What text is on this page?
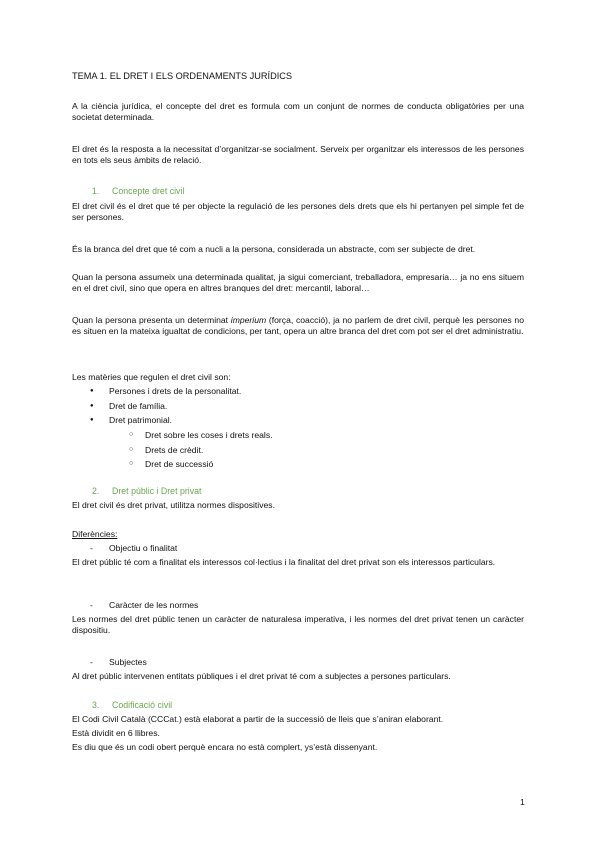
TEMA 1. EL DRET I ELS ORDENAMENTS JURÍDICS

A la ciència jurídica, el concepte del dret es formula com un conjunt de normes de conducta obligatòries per una societat determinada.

El dret és la resposta a la necessitat d’organitzar-se socialment. Serveix per organitzar els interessos de les persones en tots els seus àmbits de relació.

1. Concepte dret civil

El dret civil és el dret que té per objecte la regulació de les persones dels drets que els hi pertanyen pel simple fet de ser persones.

És la branca del dret que té com a nucli a la persona, considerada un abstracte, com ser subjecte de dret.

Quan la persona assumeix una determinada qualitat, ja sigui comerciant, treballadora, empresaria… ja no ens situem en el dret civil, sino que opera en altres branques del dret: mercantil, laboral…

Quan la persona presenta un determinat imperium (força, coacció), ja no parlem de dret civil, perquè les persones no es situen en la mateixa igualtat de condicions, per tant, opera un altre branca del dret com pot ser el dret administratiu.

Les matèries que regulen el dret civil son:

● Persones i drets de la personalitat.
● Dret de família.
● Dret patrimonial.
○ Dret sobre les coses i drets reals.
○ Drets de crèdit.
○ Dret de successió

2. Dret públic i Dret privat

El dret civil és dret privat, utilitza normes dispositives.

Diferències:

- Objectiu o finalitat

El dret públic té com a finalitat els interessos col·lectius i la finalitat del dret privat son els interessos particulars.

- Caràcter de les normes

Les normes del dret públic tenen un caràcter de naturalesa imperativa, i les normes del dret privat tenen un caràcter dispositiu.

- Subjectes

Al dret públic intervenen entitats públiques i el dret privat té com a subjectes a persones particulars.

3. Codificació civil

El Codi Civil Català (CCCat.) està elaborat a partir de la successió de lleis que s’aniran elaborant.

Està dividit en 6 llibres.

Es diu que és un codi obert perquè encara no està complert, ys’està dissenyant.

1
